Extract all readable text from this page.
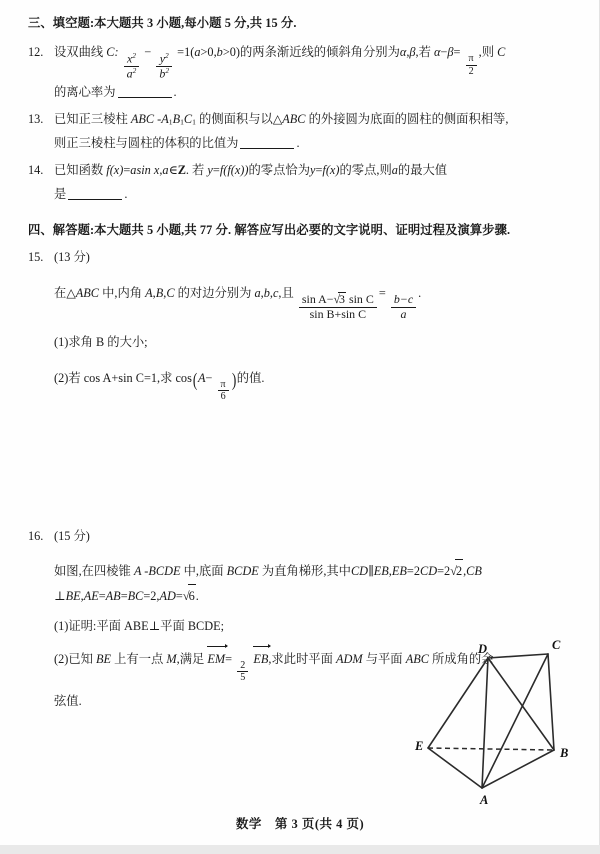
三、填空题:本大题共 3 小题,每小题 5 分,共 15 分.
12. 设双曲线 C: $\frac{x^2}{a^2} - \frac{y^2}{b^2} =1(a>0,b>0)$的两条渐近线的倾斜角分别为α,β,若 α−β=
$\frac{\pi}{2}$
,则 C
的离心率为	.
13. 已知正三棱柱 ABC $-A_1B_1C_1$ 的侧面积与以△ABC 的外接圆为底面的圆柱的侧面积相等,
则正三棱柱与圆柱的体积的比值为	.
14. 已知函数 f(x)=asin x,a∈Z. 若 y=f(f(x))的零点恰为y=f(x)的零点,则a的最大值
是	.
四、解答题:本大题共 5 小题,共 77 分. 解答应写出必要的文字说明、证明过程及演算步骤.
15. (13 分)
在△ABC 中,内角 A,B,C 的对边分别为 a,b,c,且 $\frac{\text{sin A−√3 sin C}}{\text{sin B+sin C}}$ =
$\frac{b-c}{a}$
.
(1)求角 B 的大小;
(2)若 cos A+sin C=1,求 cos(A−
$\frac{\pi}{6}$ )的值.
16. (15 分)
如图,在四棱锥 A -BCDE 中,底面 BCDE 为直角梯形,其中CD∥EB,EB=2CD=2√2,CB
⊥BE,AE=AB=BC=2,AD=√6.
(1)证明:平面 ABE⊥平面 BCDE;
(2)已知 BE 上有一点 M,满足 EM=
$\frac{2}{5}$
EB,求此时平面 ADM 与平面 ABC 所成角的余
弦值.
D	C
E	B
A
数学　第 3 页(共 4 页)
